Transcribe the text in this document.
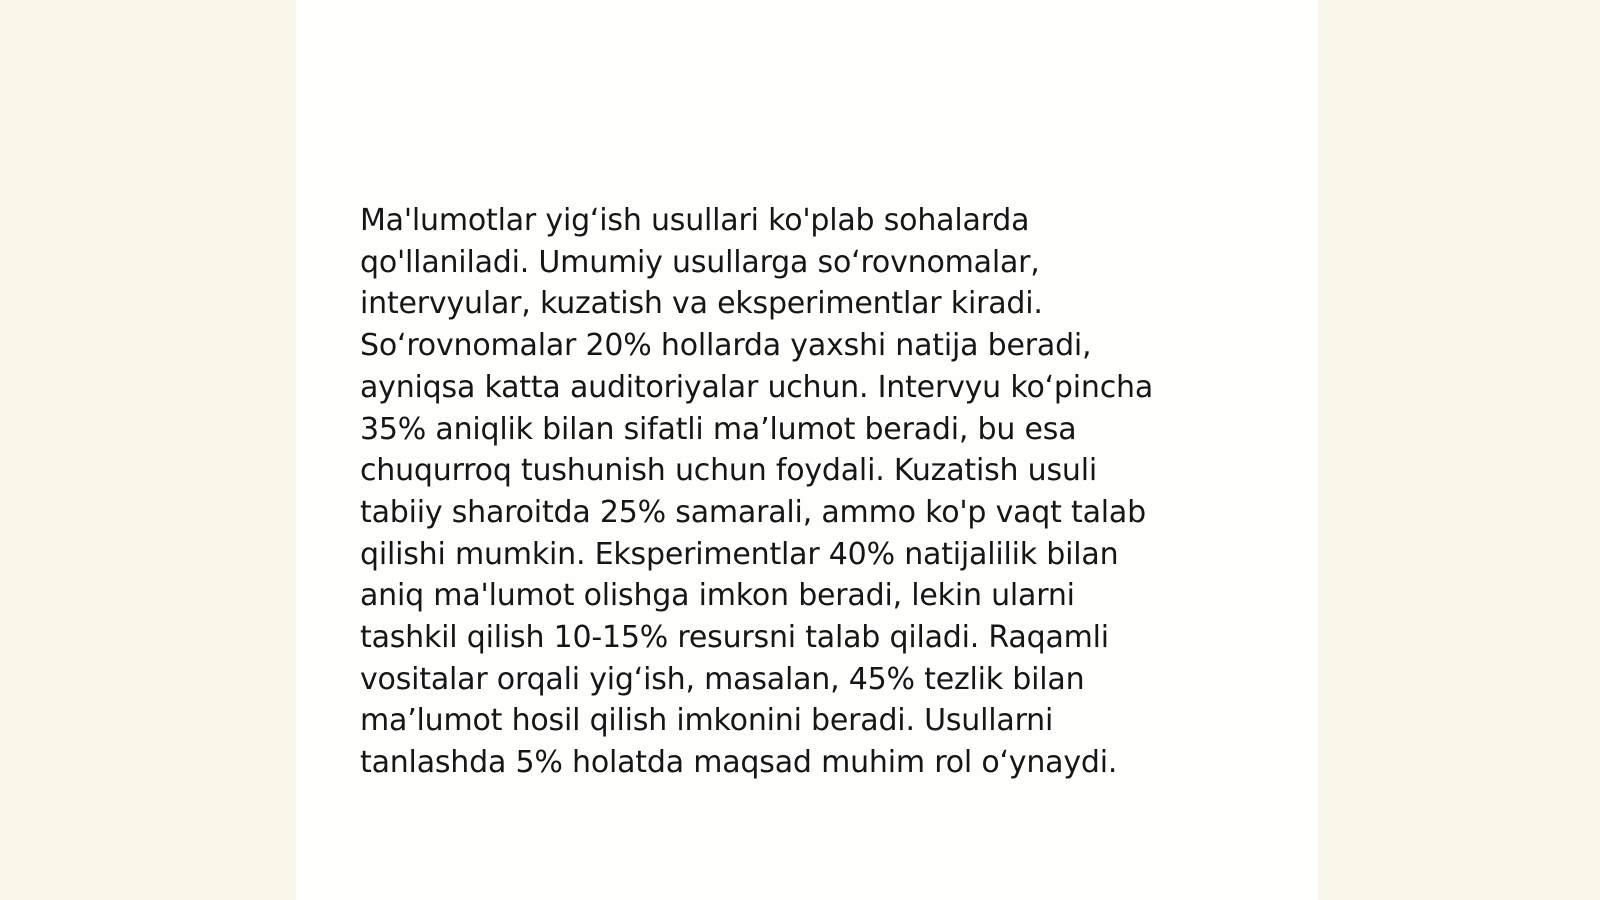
Ma'lumotlar yig‘ish usullari ko'plab sohalarda
qo'llaniladi. Umumiy usullarga so‘rovnomalar,
intervyular, kuzatish va eksperimentlar kiradi.
So‘rovnomalar 20% hollarda yaxshi natija beradi,
ayniqsa katta auditoriyalar uchun. Intervyu ko‘pincha
35% aniqlik bilan sifatli ma’lumot beradi, bu esa
chuqurroq tushunish uchun foydali. Kuzatish usuli
tabiiy sharoitda 25% samarali, ammo ko'p vaqt talab
qilishi mumkin. Eksperimentlar 40% natijalilik bilan
aniq ma'lumot olishga imkon beradi, lekin ularni
tashkil qilish 10-15% resursni talab qiladi. Raqamli
vositalar orqali yig‘ish, masalan, 45% tezlik bilan
ma’lumot hosil qilish imkonini beradi. Usullarni
tanlashda 5% holatda maqsad muhim rol o‘ynaydi.
